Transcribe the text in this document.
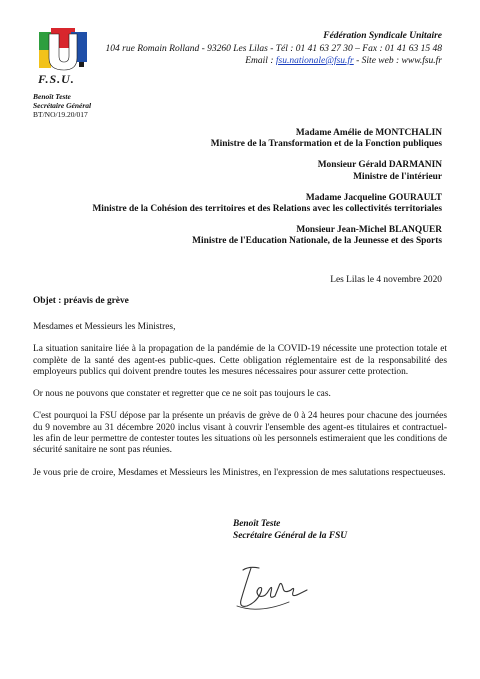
F.S.U.
Fédération Syndicale Unitaire
104 rue Romain Rolland - 93260 Les Lilas - Tél : 01 41 63 27 30 – Fax : 01 41 63 15 48
Email : fsu.nationale@fsu.fr - Site web : www.fsu.fr
Benoît Teste
Secrétaire Général
BT/NO/19.20/017
Madame Amélie de MONTCHALIN
Ministre de la Transformation et de la Fonction publiques
Monsieur Gérald DARMANIN
Ministre de l'intérieur
Madame Jacqueline GOURAULT
Ministre de la Cohésion des territoires et des Relations avec les collectivités territoriales
Monsieur Jean-Michel BLANQUER
Ministre de l'Education Nationale, de la Jeunesse et des Sports
Les Lilas le 4 novembre 2020
Objet : préavis de grève

Mesdames et Messieurs les Ministres,

La situation sanitaire liée à la propagation de la pandémie de la COVID-19 nécessite une protection totale et complète de la santé des agent-es public-ques. Cette obligation réglementaire est de la responsabilité des employeurs publics qui doivent prendre toutes les mesures nécessaires pour assurer cette protection.

Or nous ne pouvons que constater et regretter que ce ne soit pas toujours le cas.

C'est pourquoi la FSU dépose par la présente un préavis de grève de 0 à 24 heures pour chacune des journées du 9 novembre au 31 décembre 2020 inclus visant à couvrir l'ensemble des agent-es titulaires et contractuel-les afin de leur permettre de contester toutes les situations où les personnels estimeraient que les conditions de sécurité sanitaire ne sont pas réunies.

Je vous prie de croire, Mesdames et Messieurs les Ministres, en l'expression de mes salutations respectueuses.

Benoît Teste
Secrétaire Général de la FSU
